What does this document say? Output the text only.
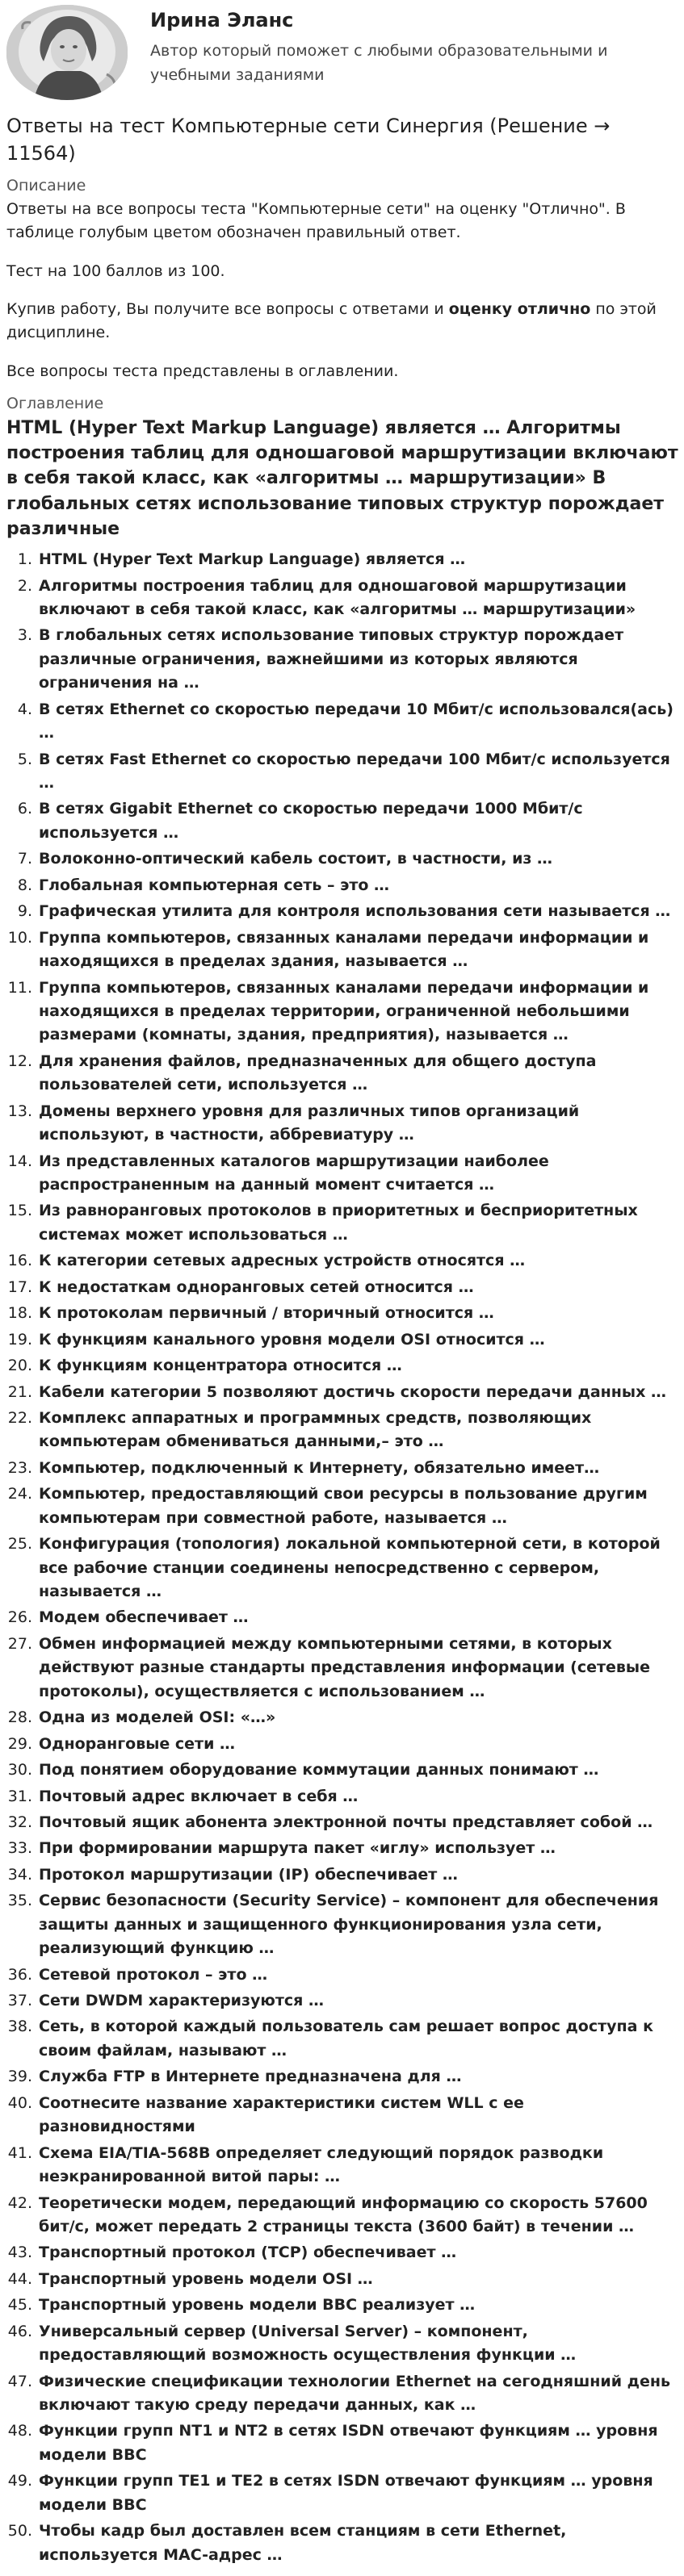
Ирина Эланс
Автор который поможет с любыми образовательными и учебными заданиями
Ответы на тест Компьютерные сети Синергия (Решение → 11564)
Описание

Ответы на все вопросы теста "Компьютерные сети" на оценку "Отлично". В таблице голубым цветом обозначен правильный ответ.

Тест на 100 баллов из 100.

Купив работу, Вы получите все вопросы с ответами и оценку отлично по этой дисциплине.

Все вопросы теста представлены в оглавлении.

Оглавление
HTML (Hyper Text Markup Language) является … Алгоритмы построения таблиц для одношаговой маршрутизации включают в себя такой класс, как «алгоритмы … маршрутизации» В глобальных сетях использование типовых структур порождает различные
1. HTML (Hyper Text Markup Language) является …
2. Алгоритмы построения таблиц для одношаговой маршрутизации включают в себя такой класс, как «алгоритмы … маршрутизации»
3. В глобальных сетях использование типовых структур порождает различные ограничения, важнейшими из которых являются ограничения на …
4. В сетях Ethernet со скоростью передачи 10 Мбит/с использовался(ась) …
5. В сетях Fast Ethernet со скоростью передачи 100 Мбит/с используется …
6. В сетях Gigabit Ethernet со скоростью передачи 1000 Мбит/с используется …
7. Волоконно-оптический кабель состоит, в частности, из …
8. Глобальная компьютерная сеть – это …
9. Графическая утилита для контроля использования сети называется …
10. Группа компьютеров, связанных каналами передачи информации и находящихся в пределах здания, называется …
11. Группа компьютеров, связанных каналами передачи информации и находящихся в пределах территории, ограниченной небольшими размерами (комнаты, здания, предприятия), называется …
12. Для хранения файлов, предназначенных для общего доступа пользователей сети, используется …
13. Домены верхнего уровня для различных типов организаций используют, в частности, аббревиатуру …
14. Из представленных каталогов маршрутизации наиболее распространенным на данный момент считается …
15. Из равноранговых протоколов в приоритетных и бесприоритетных системах может использоваться …
16. К категории сетевых адресных устройств относятся …
17. К недостаткам одноранговых сетей относится …
18. К протоколам первичный / вторичный относится …
19. К функциям канального уровня модели OSI относится …
20. К функциям концентратора относится …
21. Кабели категории 5 позволяют достичь скорости передачи данных …
22. Комплекс аппаратных и программных средств, позволяющих компьютерам обмениваться данными,– это …
23. Компьютер, подключенный к Интернету, обязательно имеет…
24. Компьютер, предоставляющий свои ресурсы в пользование другим компьютерам при совместной работе, называется …
25. Конфигурация (топология) локальной компьютерной сети, в которой все рабочие станции соединены непосредственно с сервером, называется …
26. Модем обеспечивает …
27. Обмен информацией между компьютерными сетями, в которых действуют разные стандарты представления информации (сетевые протоколы), осуществляется с использованием …
28. Одна из моделей OSI: «…»
29. Одноранговые сети …
30. Под понятием оборудование коммутации данных понимают …
31. Почтовый адрес включает в себя …
32. Почтовый ящик абонента электронной почты представляет собой …
33. При формировании маршрута пакет «иглу» использует …
34. Протокол маршрутизации (IP) обеспечивает …
35. Сервис безопасности (Security Service) – компонент для обеспечения защиты данных и защищенного функционирования узла сети, реализующий функцию …
36. Сетевой протокол – это …
37. Сети DWDM характеризуются …
38. Сеть, в которой каждый пользователь сам решает вопрос доступа к своим файлам, называют …
39. Служба FTP в Интернете предназначена для …
40. Соотнесите название характеристики систем WLL с ее разновидностями
41. Схема EIA/TIA-568B определяет следующий порядок разводки неэкранированной витой пары: …
42. Теоретически модем, передающий информацию со скорость 57600 бит/с, может передать 2 страницы текста (3600 байт) в течении …
43. Транспортный протокол (TCP) обеспечивает …
44. Транспортный уровень модели OSI …
45. Транспортный уровень модели ВВС реализует …
46. Универсальный сервер (Universal Server) – компонент, предоставляющий возможность осуществления функции …
47. Физические спецификации технологии Ethernet на сегодняшний день включают такую среду передачи данных, как …
48. Функции групп NT1 и NT2 в сетях ISDN отвечают функциям … уровня модели ВВС
49. Функции групп TE1 и TE2 в сетях ISDN отвечают функциям … уровня модели ВВС
50. Чтобы кадр был доставлен всем станциям в сети Ethernet, используется MAC-адрес …
